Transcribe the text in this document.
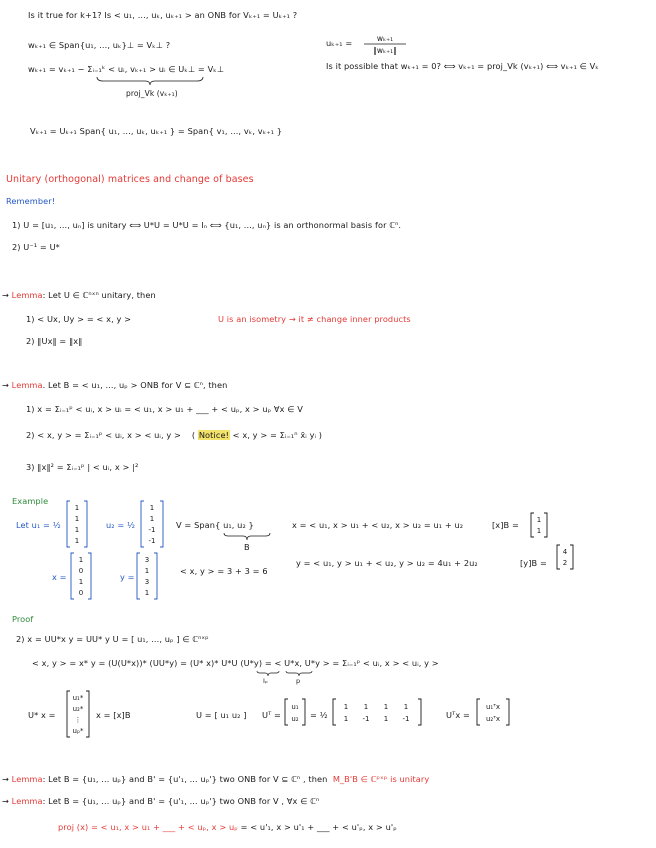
Is it true for k+1? Is < u₁, ..., uₖ, uₖ₊₁ > an ONB for Vₖ₊₁ = Uₖ₊₁ ?
wₖ₊₁ ∈ Span{u₁, ..., uₖ}⊥ = Vₖ⊥ ?	uₖ₊₁ =	wₖ₊₁
‖wₖ₊₁‖
wₖ₊₁ = vₖ₊₁ − Σᵢ₌₁ᵏ < uᵢ, vₖ₊₁ > uᵢ ∈ Uₖ⊥ = Vₖ⊥	Is it possible that wₖ₊₁ = 0? ⟺ vₖ₊₁ = proj_Vk (vₖ₊₁) ⟺ vₖ₊₁ ∈ Vₖ
proj_Vk (vₖ₊₁)
Vₖ₊₁ = Uₖ₊₁ Span{ u₁, ..., uₖ, uₖ₊₁ } = Span{ v₁, ..., vₖ, vₖ₊₁ }
Unitary (orthogonal) matrices and change of bases
Remember!
1) U = [u₁, ..., uₙ] is unitary ⟺ U*U = U*U = Iₙ ⟺ {u₁, ..., uₙ} is an orthonormal basis for ℂⁿ.
2) U⁻¹ = U*
→ Lemma: Let U ∈ ℂⁿˣⁿ unitary, then
1) < Ux, Uy > = < x, y >	U is an isometry → it ≠ change inner products
2) ‖Ux‖ = ‖x‖
→ Lemma. Let B = < u₁, ..., uₚ > ONB for V ⊆ ℂⁿ, then
1) x = Σᵢ₌₁ᵖ < uᵢ, x > uᵢ = < u₁, x > u₁ + ___ + < uₚ, x > uₚ ∀x ∈ V
2) < x, y > = Σᵢ₌₁ᵖ < uᵢ, x > < uᵢ, y >    ( Notice! < x, y > = Σᵢ₌₁ⁿ x̄ᵢ yᵢ )
3) ‖x‖² = Σᵢ₌₁ᵖ | < uᵢ, x > |²
Example
Let u₁ = ½
1
1
1
1
u₂ = ½
1
1
-1
-1
V = Span{ u₁, u₂ }
B
x = < u₁, x > u₁ + < u₂, x > u₂ = u₁ + u₂	[x]B =	1
1
x =
1
0
1
0
y =
3
1
3
1
< x, y > = 3 + 3 = 6
y = < u₁, y > u₁ + < u₂, y > u₂ = 4u₁ + 2u₂	[y]B =
4
2
Proof
2) x = UU*x y = UU* y U = [ u₁, ..., uₚ ] ∈ ℂⁿˣᵖ
< x, y > = x* y = (U(U*x))* (UU*y) = (U* x)* U*U (U*y) = < U*x, U*y > = Σᵢ₌₁ᵖ < uᵢ, x > < uᵢ, y >
Iₚ	p
U* x =
u₁*
u₂*
⋮
uₚ*
x = [x]B	U = [ u₁ u₂ ] Uᵀ =
u₁
u₂ = ½
1 1 1 1
1 -1 1 -1	Uᵀx =
u₁ᵀx
u₂ᵀx
→ Lemma: Let B = {u₁, ... uₚ} and B' = {u'₁, ... uₚ'} two ONB for V ⊆ ℂⁿ , then M_B'B ∈ ℂᵖˣᵖ is unitary
→ Lemma: Let B = {u₁, ... uₚ} and B' = {u'₁, ... uₚ'} two ONB for V , ∀x ∈ ℂⁿ
proj (x) = < u₁, x > u₁ + ___ + < uₚ, x > uₚ = < u'₁, x > u'₁ + ___ + < u'ₚ, x > u'ₚ
